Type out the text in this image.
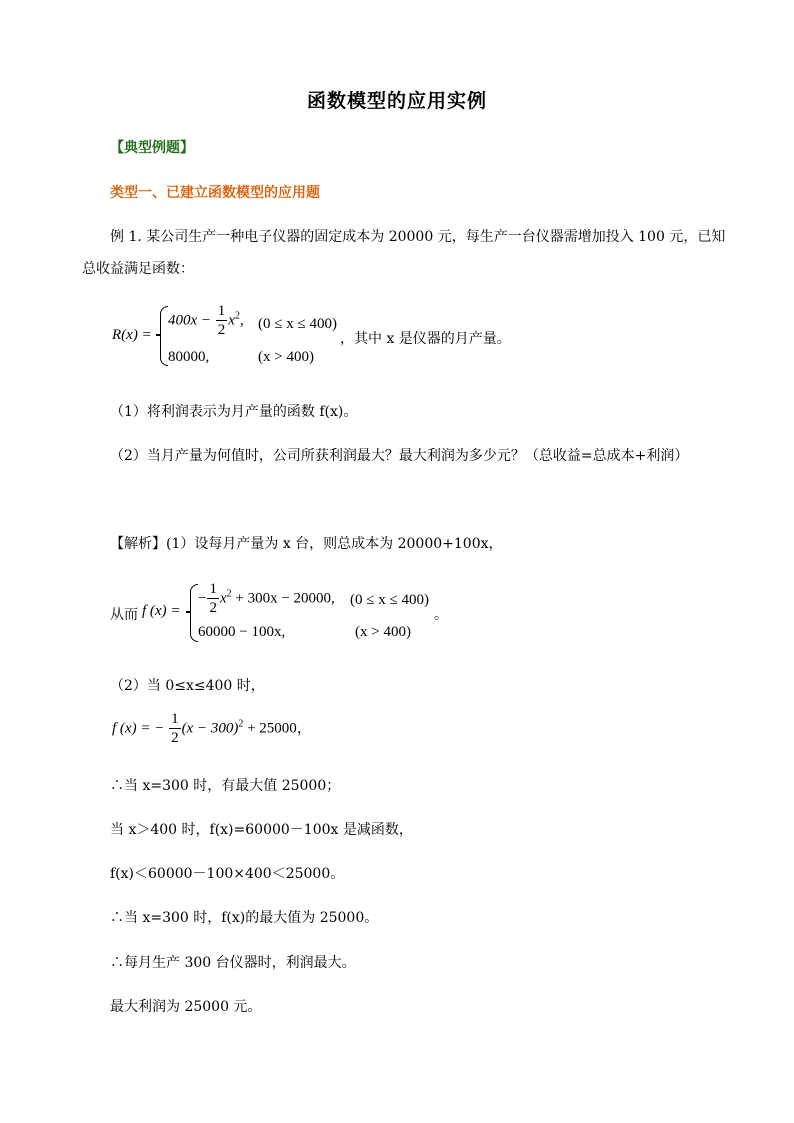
函数模型的应用实例
【典型例题】
类型一、已建立函数模型的应用题
例 1. 某公司生产一种电子仪器的固定成本为 20000 元，每生产一台仪器需增加投入 100 元，已知
总收益满足函数：
R(x) =
$400x - \frac{1}{2} x^2$, (0 ≤ x ≤ 400)
80000,	(x > 400)
，其中 x 是仪器的月产量。
（1）将利润表示为月产量的函数 f(x)。
（2）当月产量为何值时，公司所获利润最大？最大利润为多少元？（总收益=总成本+利润）
【解析】(1）设每月产量为 x 台，则总成本为 20000+100x，
从而 f (x) =
− $\frac{1}{2} x^2 + 300x - 20000$, (0 ≤ x ≤ 400)
60000 − 100x,	(x > 400)
。
（2）当 0≤x≤400 时，
f (x) = − $\frac{1}{2} (x - 300)^2 + 25000$，
∴当 x=300 时，有最大值 25000；
当 x＞400 时，f(x)=60000－100x 是减函数，
f(x)＜60000－100×400＜25000。
∴当 x=300 时，f(x)的最大值为 25000。
∴每月生产 300 台仪器时，利润最大。
最大利润为 25000 元。
